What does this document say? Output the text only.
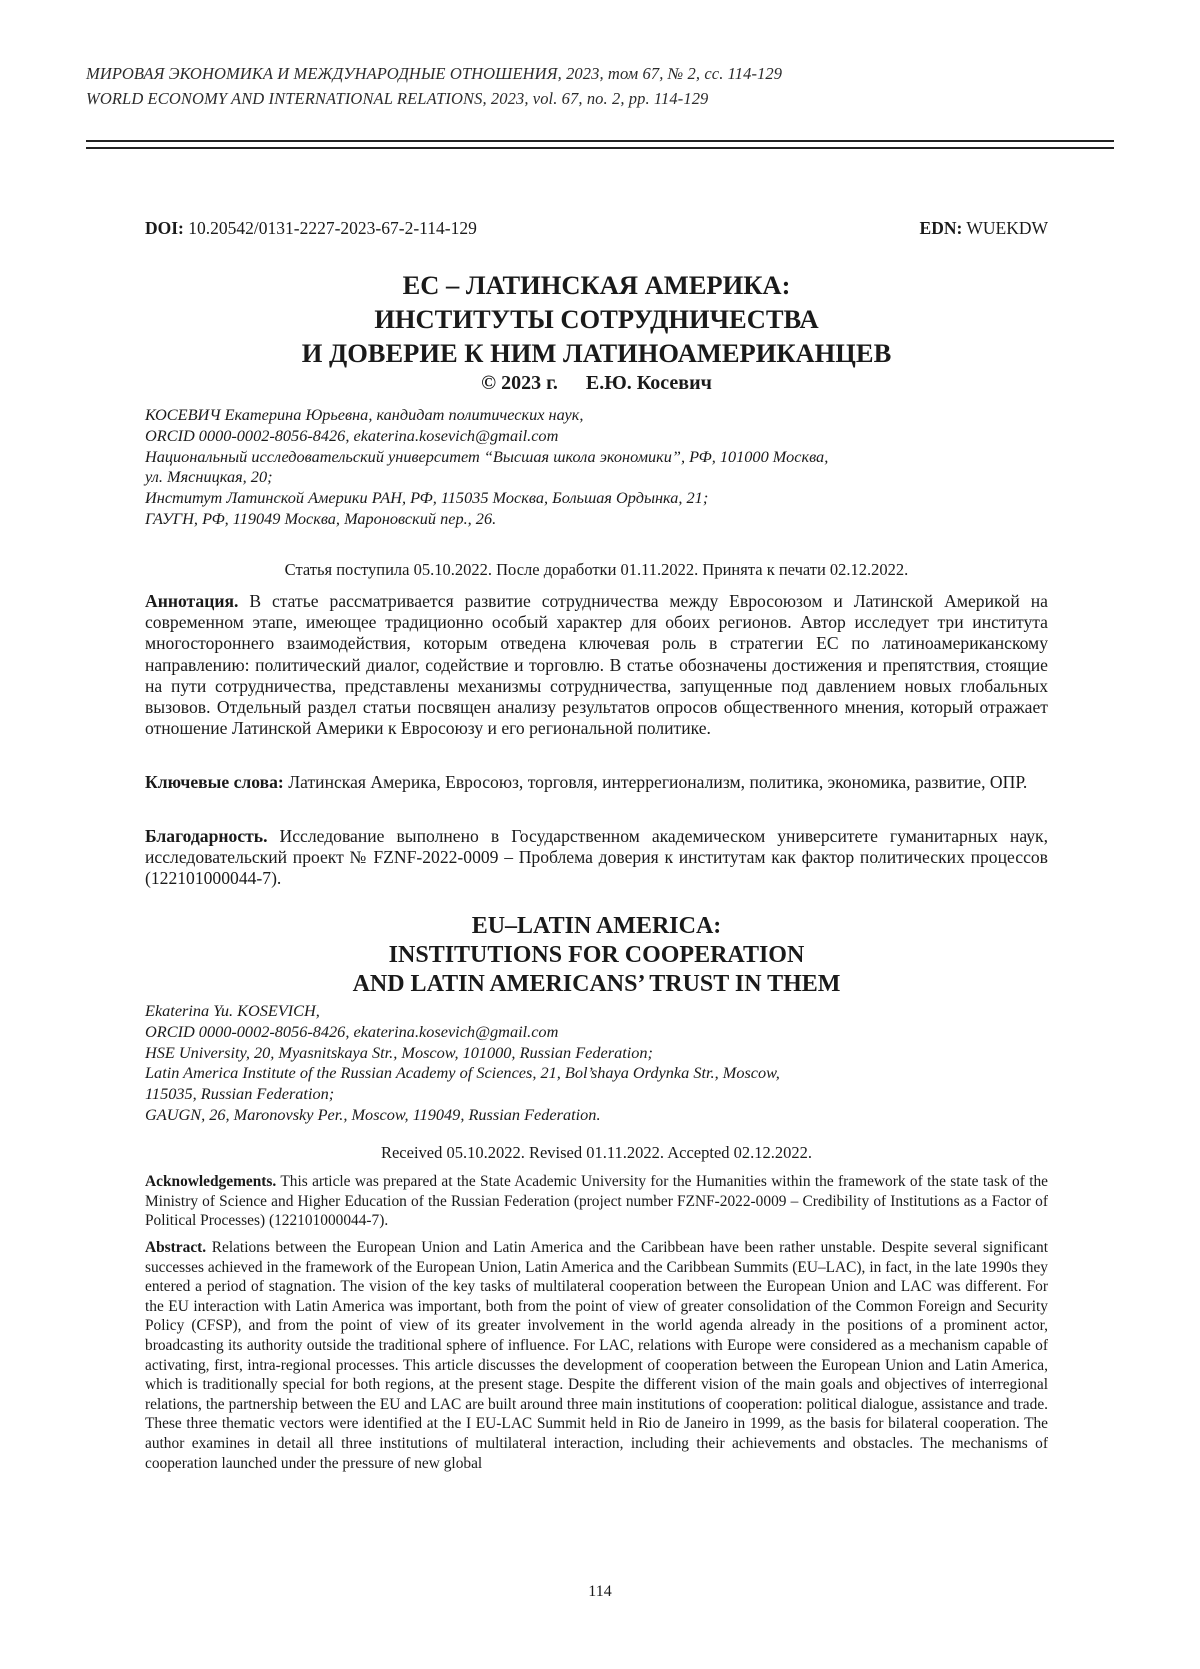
МИРОВАЯ ЭКОНОМИКА И МЕЖДУНАРОДНЫЕ ОТНОШЕНИЯ, 2023, том 67, № 2, сс. 114-129
WORLD ECONOMY AND INTERNATIONAL RELATIONS, 2023, vol. 67, no. 2, pp. 114-129
DOI: 10.20542/0131-2227-2023-67-2-114-129	EDN: WUEKDW
ЕС – ЛАТИНСКАЯ АМЕРИКА:
ИНСТИТУТЫ СОТРУДНИЧЕСТВА
И ДОВЕРИЕ К НИМ ЛАТИНОАМЕРИКАНЦЕВ
© 2023 г. Е.Ю. Косевич
КОСЕВИЧ Екатерина Юрьевна, кандидат политических наук,
ORCID 0000-0002-8056-8426, ekaterina.kosevich@gmail.com
Национальный исследовательский университет “Высшая школа экономики”, РФ, 101000 Москва,
ул. Мясницкая, 20;
Институт Латинской Америки РАН, РФ, 115035 Москва, Большая Ордынка, 21;
ГАУГН, РФ, 119049 Москва, Мароновский пер., 26.
Статья поступила 05.10.2022. После доработки 01.11.2022. Принята к печати 02.12.2022.
Аннотация. В статье рассматривается развитие сотрудничества между Евросоюзом и Латинской Америкой на современном этапе, имеющее традиционно особый характер для обоих регионов. Автор исследует три института многостороннего взаимодействия, которым отведена ключевая роль в стратегии ЕС по латиноамериканскому направлению: политический диалог, содействие и торговлю. В статье обозначены достижения и препятствия, стоящие на пути сотрудничества, представлены механизмы сотрудничества, запущенные под давлением новых глобальных вызовов. Отдельный раздел статьи посвящен анализу результатов опросов общественного мнения, который отражает отношение Латинской Америки к Евросоюзу и его региональной политике.
Ключевые слова: Латинская Америка, Евросоюз, торговля, интеррегионализм, политика, экономика, развитие, ОПР.
Благодарность. Исследование выполнено в Государственном академическом университете гуманитарных наук, исследовательский проект № FZNF-2022-0009 – Проблема доверия к институтам как фактор политических процессов (122101000044-7).
EU–LATIN AMERICA:
INSTITUTIONS FOR COOPERATION
AND LATIN AMERICANS’ TRUST IN THEM
Ekaterina Yu. KOSEVICH,
ORCID 0000-0002-8056-8426, ekaterina.kosevich@gmail.com
HSE University, 20, Myasnitskaya Str., Moscow, 101000, Russian Federation;
Latin America Institute of the Russian Academy of Sciences, 21, Bol’shaya Ordynka Str., Moscow,
115035, Russian Federation;
GAUGN, 26, Maronovsky Per., Moscow, 119049, Russian Federation.
Received 05.10.2022. Revised 01.11.2022. Accepted 02.12.2022.
Acknowledgements. This article was prepared at the State Academic University for the Humanities within the framework of the state task of the Ministry of Science and Higher Education of the Russian Federation (project number FZNF-2022-0009 – Credibility of Institutions as a Factor of Political Processes) (122101000044-7).
Abstract. Relations between the European Union and Latin America and the Caribbean have been rather unstable. Despite several significant successes achieved in the framework of the European Union, Latin America and the Caribbean Summits (EU–LAC), in fact, in the late 1990s they entered a period of stagnation. The vision of the key tasks of multilateral cooperation between the European Union and LAC was different. For the EU interaction with Latin America was important, both from the point of view of greater consolidation of the Common Foreign and Security Policy (CFSP), and from the point of view of its greater involvement in the world agenda already in the positions of a prominent actor, broadcasting its authority outside the traditional sphere of influence. For LAC, relations with Europe were considered as a mechanism capable of activating, first, intra-regional processes. This article discusses the development of cooperation between the European Union and Latin America, which is traditionally special for both regions, at the present stage. Despite the different vision of the main goals and objectives of interregional relations, the partnership between the EU and LAC are built around three main institutions of cooperation: political dialogue, assistance and trade. These three thematic vectors were identified at the I EU-LAC Summit held in Rio de Janeiro in 1999, as the basis for bilateral cooperation. The author examines in detail all three institutions of multilateral interaction, including their achievements and obstacles. The mechanisms of cooperation launched under the pressure of new global
114
